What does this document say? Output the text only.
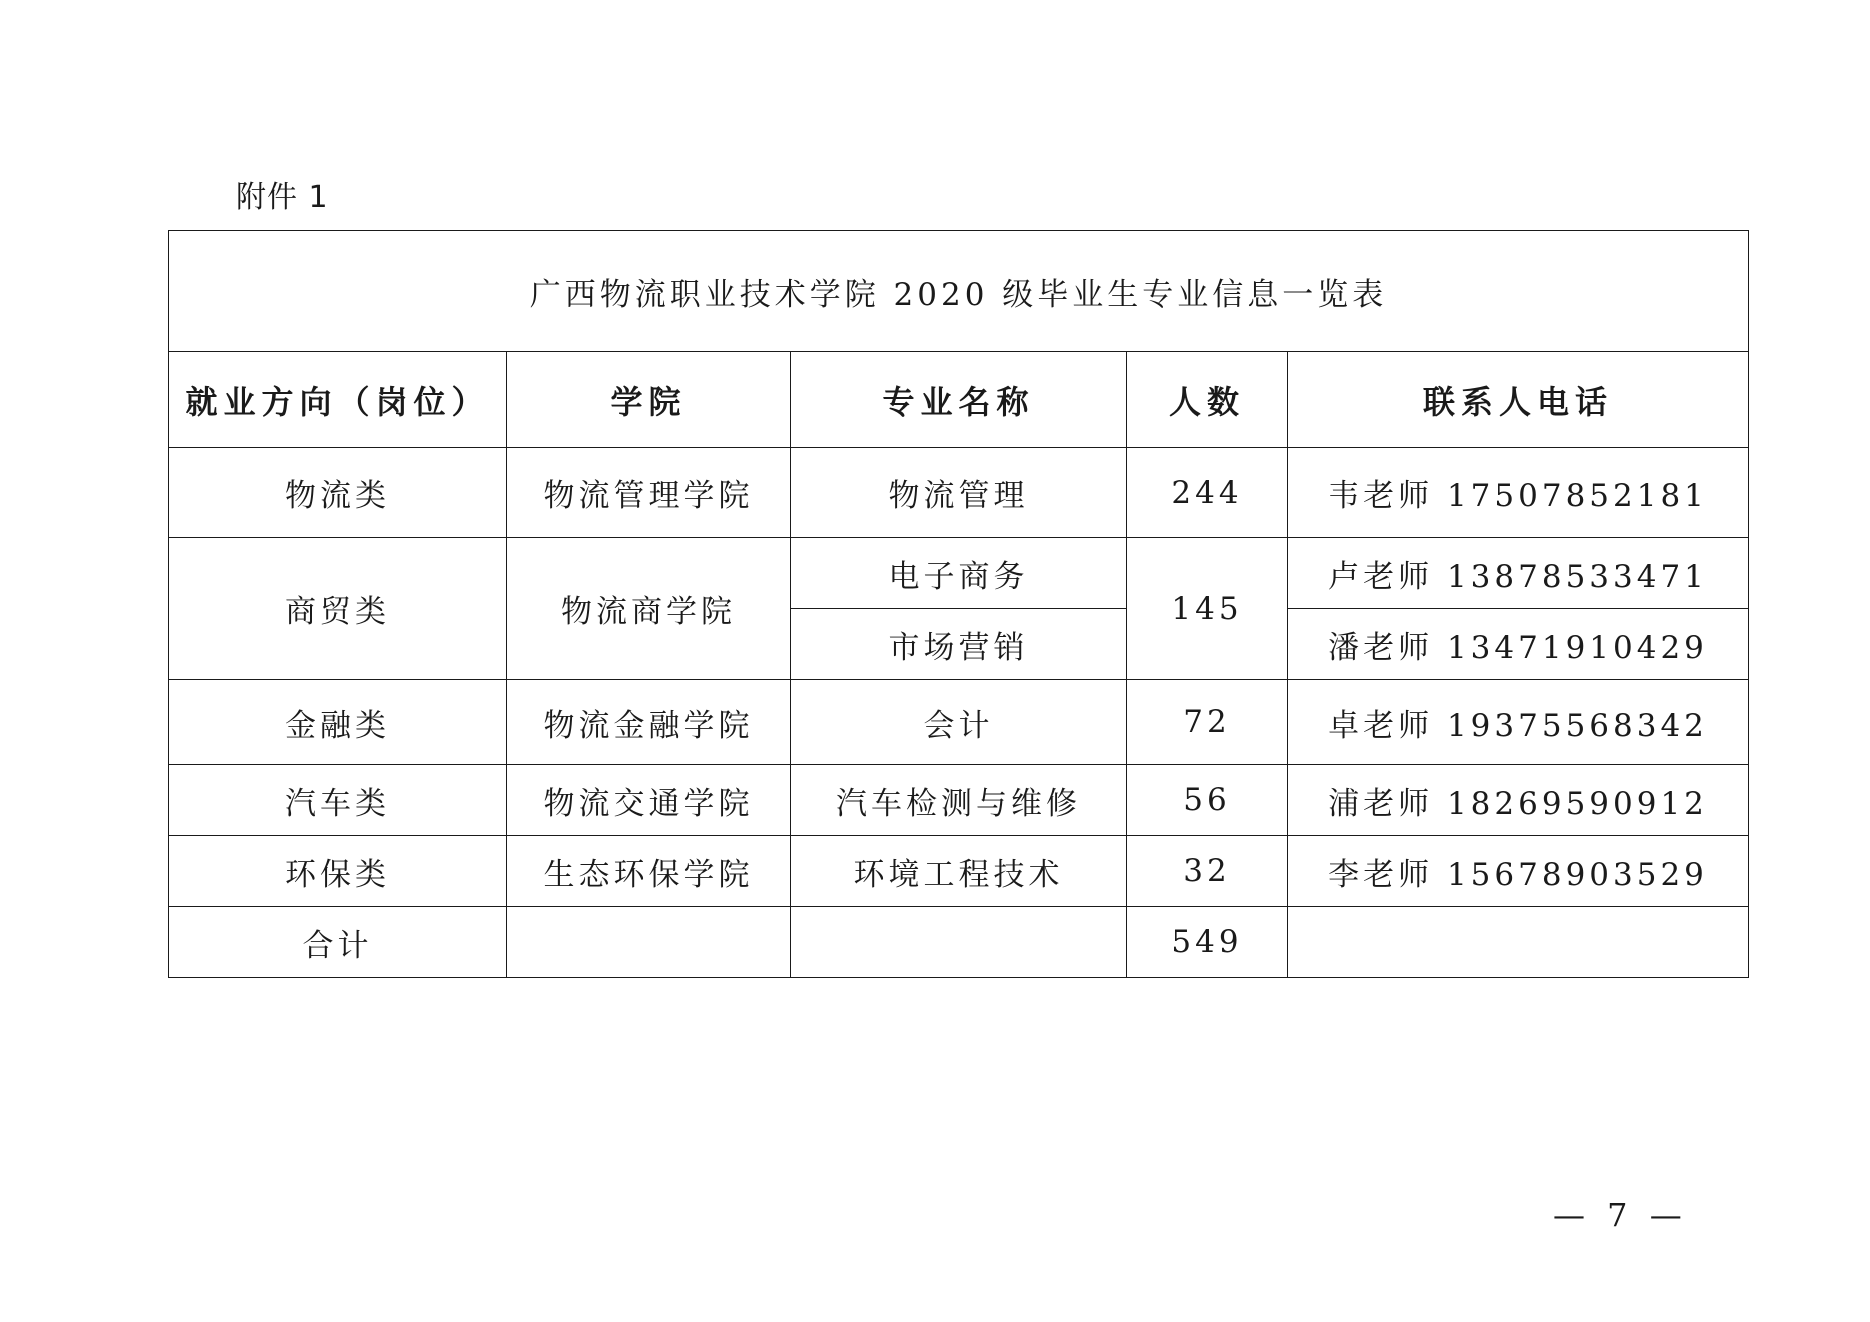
附件 1
广西物流职业技术学院 2020 级毕业生专业信息一览表				
就业方向（岗位）	学院	专业名称	人数	联系人电话
物流类	物流管理学院	物流管理	244	韦老师 17507852181
商贸类	物流商学院	电子商务	145	卢老师 13878533471
		市场营销		潘老师 13471910429
金融类	物流金融学院	会计	72	卓老师 19375568342
汽车类	物流交通学院	汽车检测与维修	56	浦老师 18269590912
环保类	生态环保学院	环境工程技术	32	李老师 15678903529
合计			549	
— 7 —
